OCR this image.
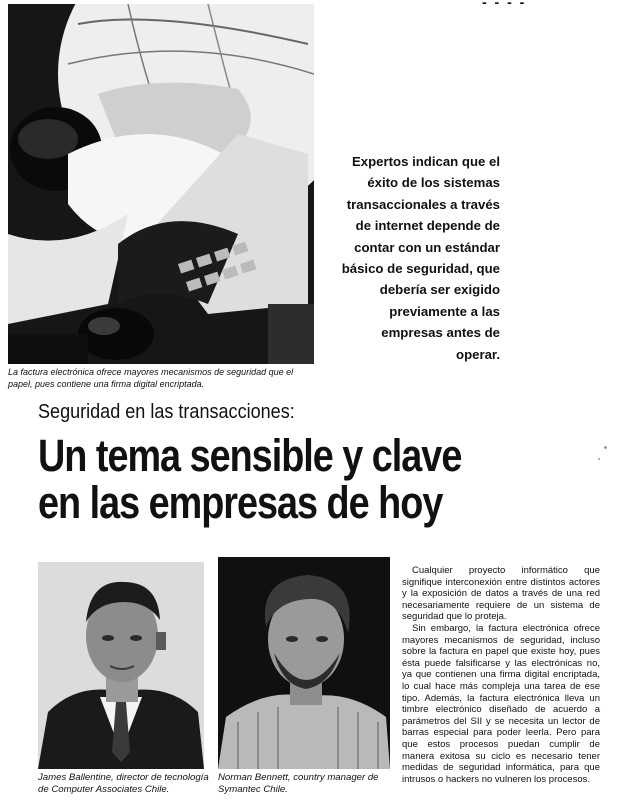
- - - -
La factura electrónica ofrece mayores mecanismos de seguridad que el papel, pues contiene una firma digital encriptada.
Expertos indican que el éxito de los sistemas transaccionales a través de internet depende de contar con un estándar básico de seguridad, que debería ser exigido previamente a las empresas antes de operar.
Seguridad en las transacciones:
Un tema sensible y clave
en las empresas de hoy
James Ballentine, director de tecnología de Computer Associates Chile.
Norman Bennett, country manager de Symantec Chile.

Cualquier proyecto informático que signifique interconexión entre distintos actores y la exposición de datos a través de una red necesariamente requiere de un sistema de seguridad que lo proteja.

Sin embargo, la factura electrónica ofrece mayores mecanismos de seguridad, incluso sobre la factura en papel que existe hoy, pues ésta puede falsificarse y las electrónicas no, ya que contienen una firma digital encriptada, lo cual hace más compleja una tarea de ese tipo. Además, la factura electrónica lleva un timbre electrónico diseñado de acuerdo a parámetros del SII y se necesita un lector de barras especial para poder leerla. Pero para que estos procesos puedan cumplir de manera exitosa su ciclo es necesario tener medidas de seguridad informática, para que intrusos o hackers no vulneren los procesos.
